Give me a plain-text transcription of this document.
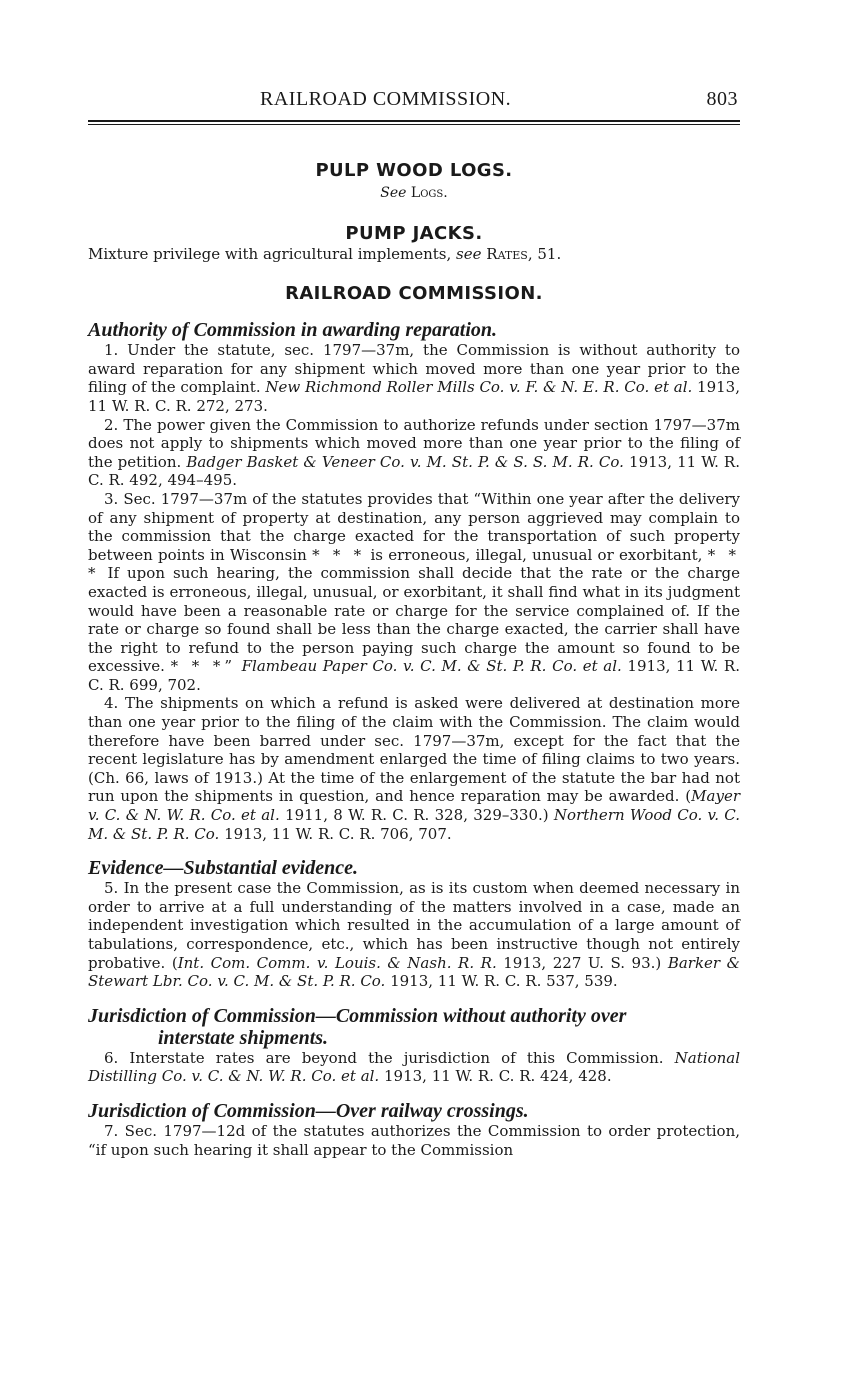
RAILROAD COMMISSION.	803
PULP WOOD LOGS.
See Logs.
PUMP JACKS.

Mixture privilege with agricultural implements, see Rates, 51.

RAILROAD COMMISSION.
Authority of Commission in awarding reparation.

1. Under the statute, sec. 1797—37m, the Commission is without authority to award reparation for any shipment which moved more than one year prior to the filing of the complaint. New Richmond Roller Mills Co. v. F. & N. E. R. Co. et al. 1913, 11 W. R. C. R. 272, 273.

2. The power given the Commission to authorize refunds under section 1797—37m does not apply to shipments which moved more than one year prior to the filing of the petition. Badger Basket & Veneer Co. v. M. St. P. & S. S. M. R. Co. 1913, 11 W. R. C. R. 492, 494–495.

3. Sec. 1797—37m of the statutes provides that “Within one year after the delivery of any shipment of property at destination, any person aggrieved may complain to the commission that the charge exacted for the transportation of such property between points in Wisconsin * * * is erroneous, illegal, unusual or exorbitant, * * * If upon such hearing, the commission shall decide that the rate or the charge exacted is erroneous, illegal, unusual, or exorbitant, it shall find what in its judgment would have been a reasonable rate or charge for the service complained of. If the rate or charge so found shall be less than the charge exacted, the carrier shall have the right to refund to the person paying such charge the amount so found to be excessive. * * *” Flambeau Paper Co. v. C. M. & St. P. R. Co. et al. 1913, 11 W. R. C. R. 699, 702.

4. The shipments on which a refund is asked were delivered at destination more than one year prior to the filing of the claim with the Commission. The claim would therefore have been barred under sec. 1797—37m, except for the fact that the recent legislature has by amendment enlarged the time of filing claims to two years. (Ch. 66, laws of 1913.) At the time of the enlargement of the statute the bar had not run upon the shipments in question, and hence reparation may be awarded. (Mayer v. C. & N. W. R. Co. et al. 1911, 8 W. R. C. R. 328, 329–330.) Northern Wood Co. v. C. M. & St. P. R. Co. 1913, 11 W. R. C. R. 706, 707.

Evidence—Substantial evidence.

5. In the present case the Commission, as is its custom when deemed necessary in order to arrive at a full understanding of the matters involved in a case, made an independent investigation which resulted in the accumulation of a large amount of tabulations, correspondence, etc., which has been instructive though not entirely probative. (Int. Com. Comm. v. Louis. & Nash. R. R. 1913, 227 U. S. 93.) Barker & Stewart Lbr. Co. v. C. M. & St. P. R. Co. 1913, 11 W. R. C. R. 537, 539.

Jurisdiction of Commission—Commission without authority over
interstate shipments.

6. Interstate rates are beyond the jurisdiction of this Commission. National Distilling Co. v. C. & N. W. R. Co. et al. 1913, 11 W. R. C. R. 424, 428.

Jurisdiction of Commission—Over railway crossings.

7. Sec. 1797—12d of the statutes authorizes the Commission to order protection, “if upon such hearing it shall appear to the Commission
